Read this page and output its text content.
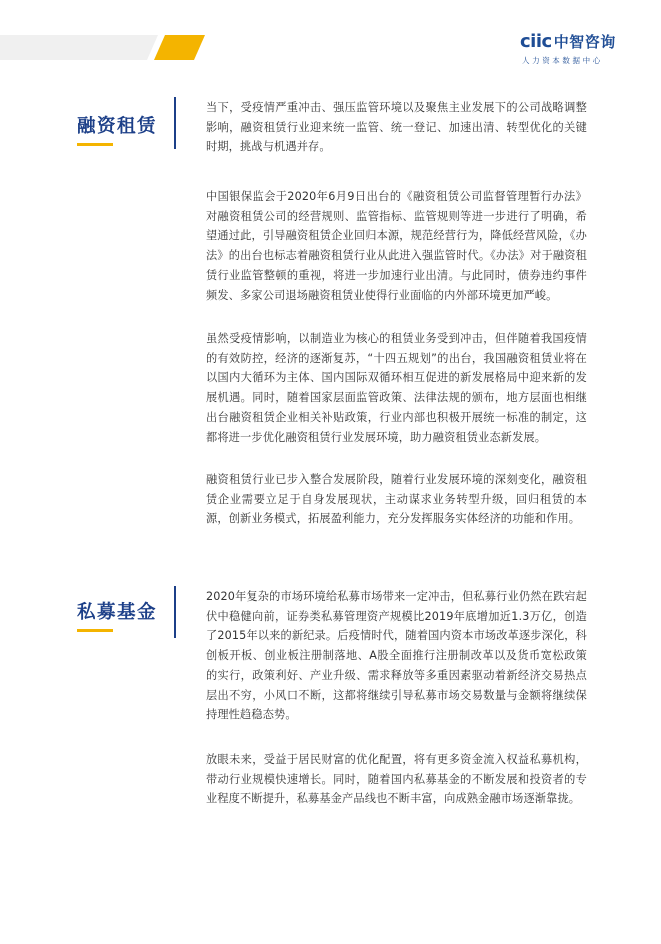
ciic 中智咨询
人力资本数据中心
融资租赁

当下，受疫情严重冲击、强压监管环境以及聚焦主业发展下的公司战略调整影响，融资租赁行业迎来统一监管、统一登记、加速出清、转型优化的关键时期，挑战与机遇并存。

中国银保监会于2020年6月9日出台的《融资租赁公司监督管理暂行办法》对融资租赁公司的经营规则、监管指标、监管规则等进一步进行了明确，希望通过此，引导融资租赁企业回归本源，规范经营行为，降低经营风险，《办法》的出台也标志着融资租赁行业从此进入强监管时代。《办法》对于融资租赁行业监管整顿的重视，将进一步加速行业出清。与此同时，债券违约事件频发、多家公司退场融资租赁业使得行业面临的内外部环境更加严峻。

虽然受疫情影响，以制造业为核心的租赁业务受到冲击，但伴随着我国疫情的有效防控，经济的逐渐复苏，“十四五规划”的出台，我国融资租赁业将在以国内大循环为主体、国内国际双循环相互促进的新发展格局中迎来新的发展机遇。同时，随着国家层面监管政策、法律法规的颁布，地方层面也相继出台融资租赁企业相关补贴政策，行业内部也积极开展统一标准的制定，这都将进一步优化融资租赁行业发展环境，助力融资租赁业态新发展。

融资租赁行业已步入整合发展阶段，随着行业发展环境的深刻变化，融资租赁企业需要立足于自身发展现状，主动谋求业务转型升级，回归租赁的本源，创新业务模式，拓展盈利能力，充分发挥服务实体经济的功能和作用。

私募基金

2020年复杂的市场环境给私募市场带来一定冲击，但私募行业仍然在跌宕起伏中稳健向前，证券类私募管理资产规模比2019年底增加近1.3万亿，创造了2015年以来的新纪录。后疫情时代，随着国内资本市场改革逐步深化，科创板开板、创业板注册制落地、A股全面推行注册制改革以及货币宽松政策的实行，政策利好、产业升级、需求释放等多重因素驱动着新经济交易热点层出不穷，小风口不断，这都将继续引导私募市场交易数量与金额将继续保持理性趋稳态势。

放眼未来，受益于居民财富的优化配置，将有更多资金流入权益私募机构，带动行业规模快速增长。同时，随着国内私募基金的不断发展和投资者的专业程度不断提升，私募基金产品线也不断丰富，向成熟金融市场逐渐靠拢。
